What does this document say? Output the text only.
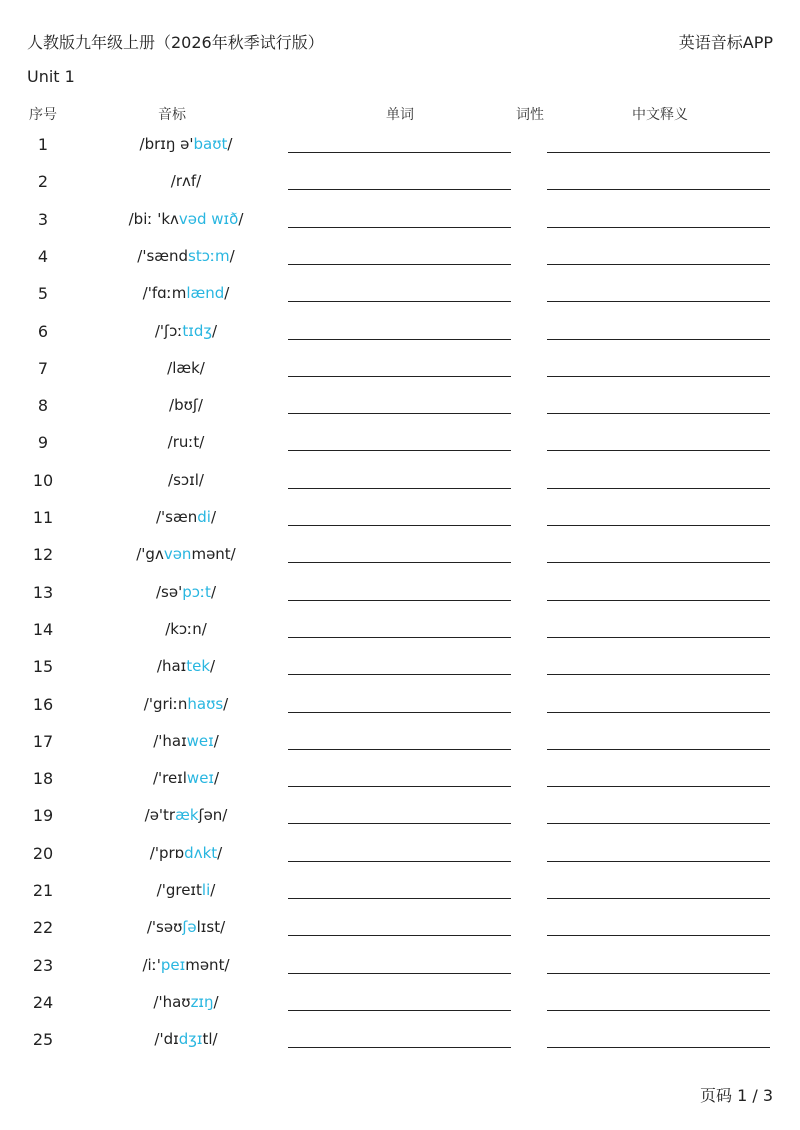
人教版九年级上册（2026年秋季试行版）	英语音标APP
Unit 1
序号	音标	单词	词性	中文释义
1	/brɪŋ ə'baʊt/
2	/rʌf/
3	/biː 'kʌvəd wɪð/
4	/'sændstɔːm/
5	/'fɑːmlænd/
6	/'ʃɔːtɪdʒ/
7	/læk/
8	/bʊʃ/
9	/ruːt/
10	/sɔɪl/
11	/'sændi/
12	/'gʌvənmənt/
13	/sə'pɔːt/
14	/kɔːn/
15	/haɪtek/
16	/'griːnhaʊs/
17	/'haɪweɪ/
18	/'reɪlweɪ/
19	/ə'trækʃən/
20	/'prɒdʌkt/
21	/'greɪtli/
22	/'səʊʃəlɪst/
23	/iː'peɪmənt/
24	/'haʊzɪŋ/
25	/'dɪdʒɪtl/
页码 1 / 3
